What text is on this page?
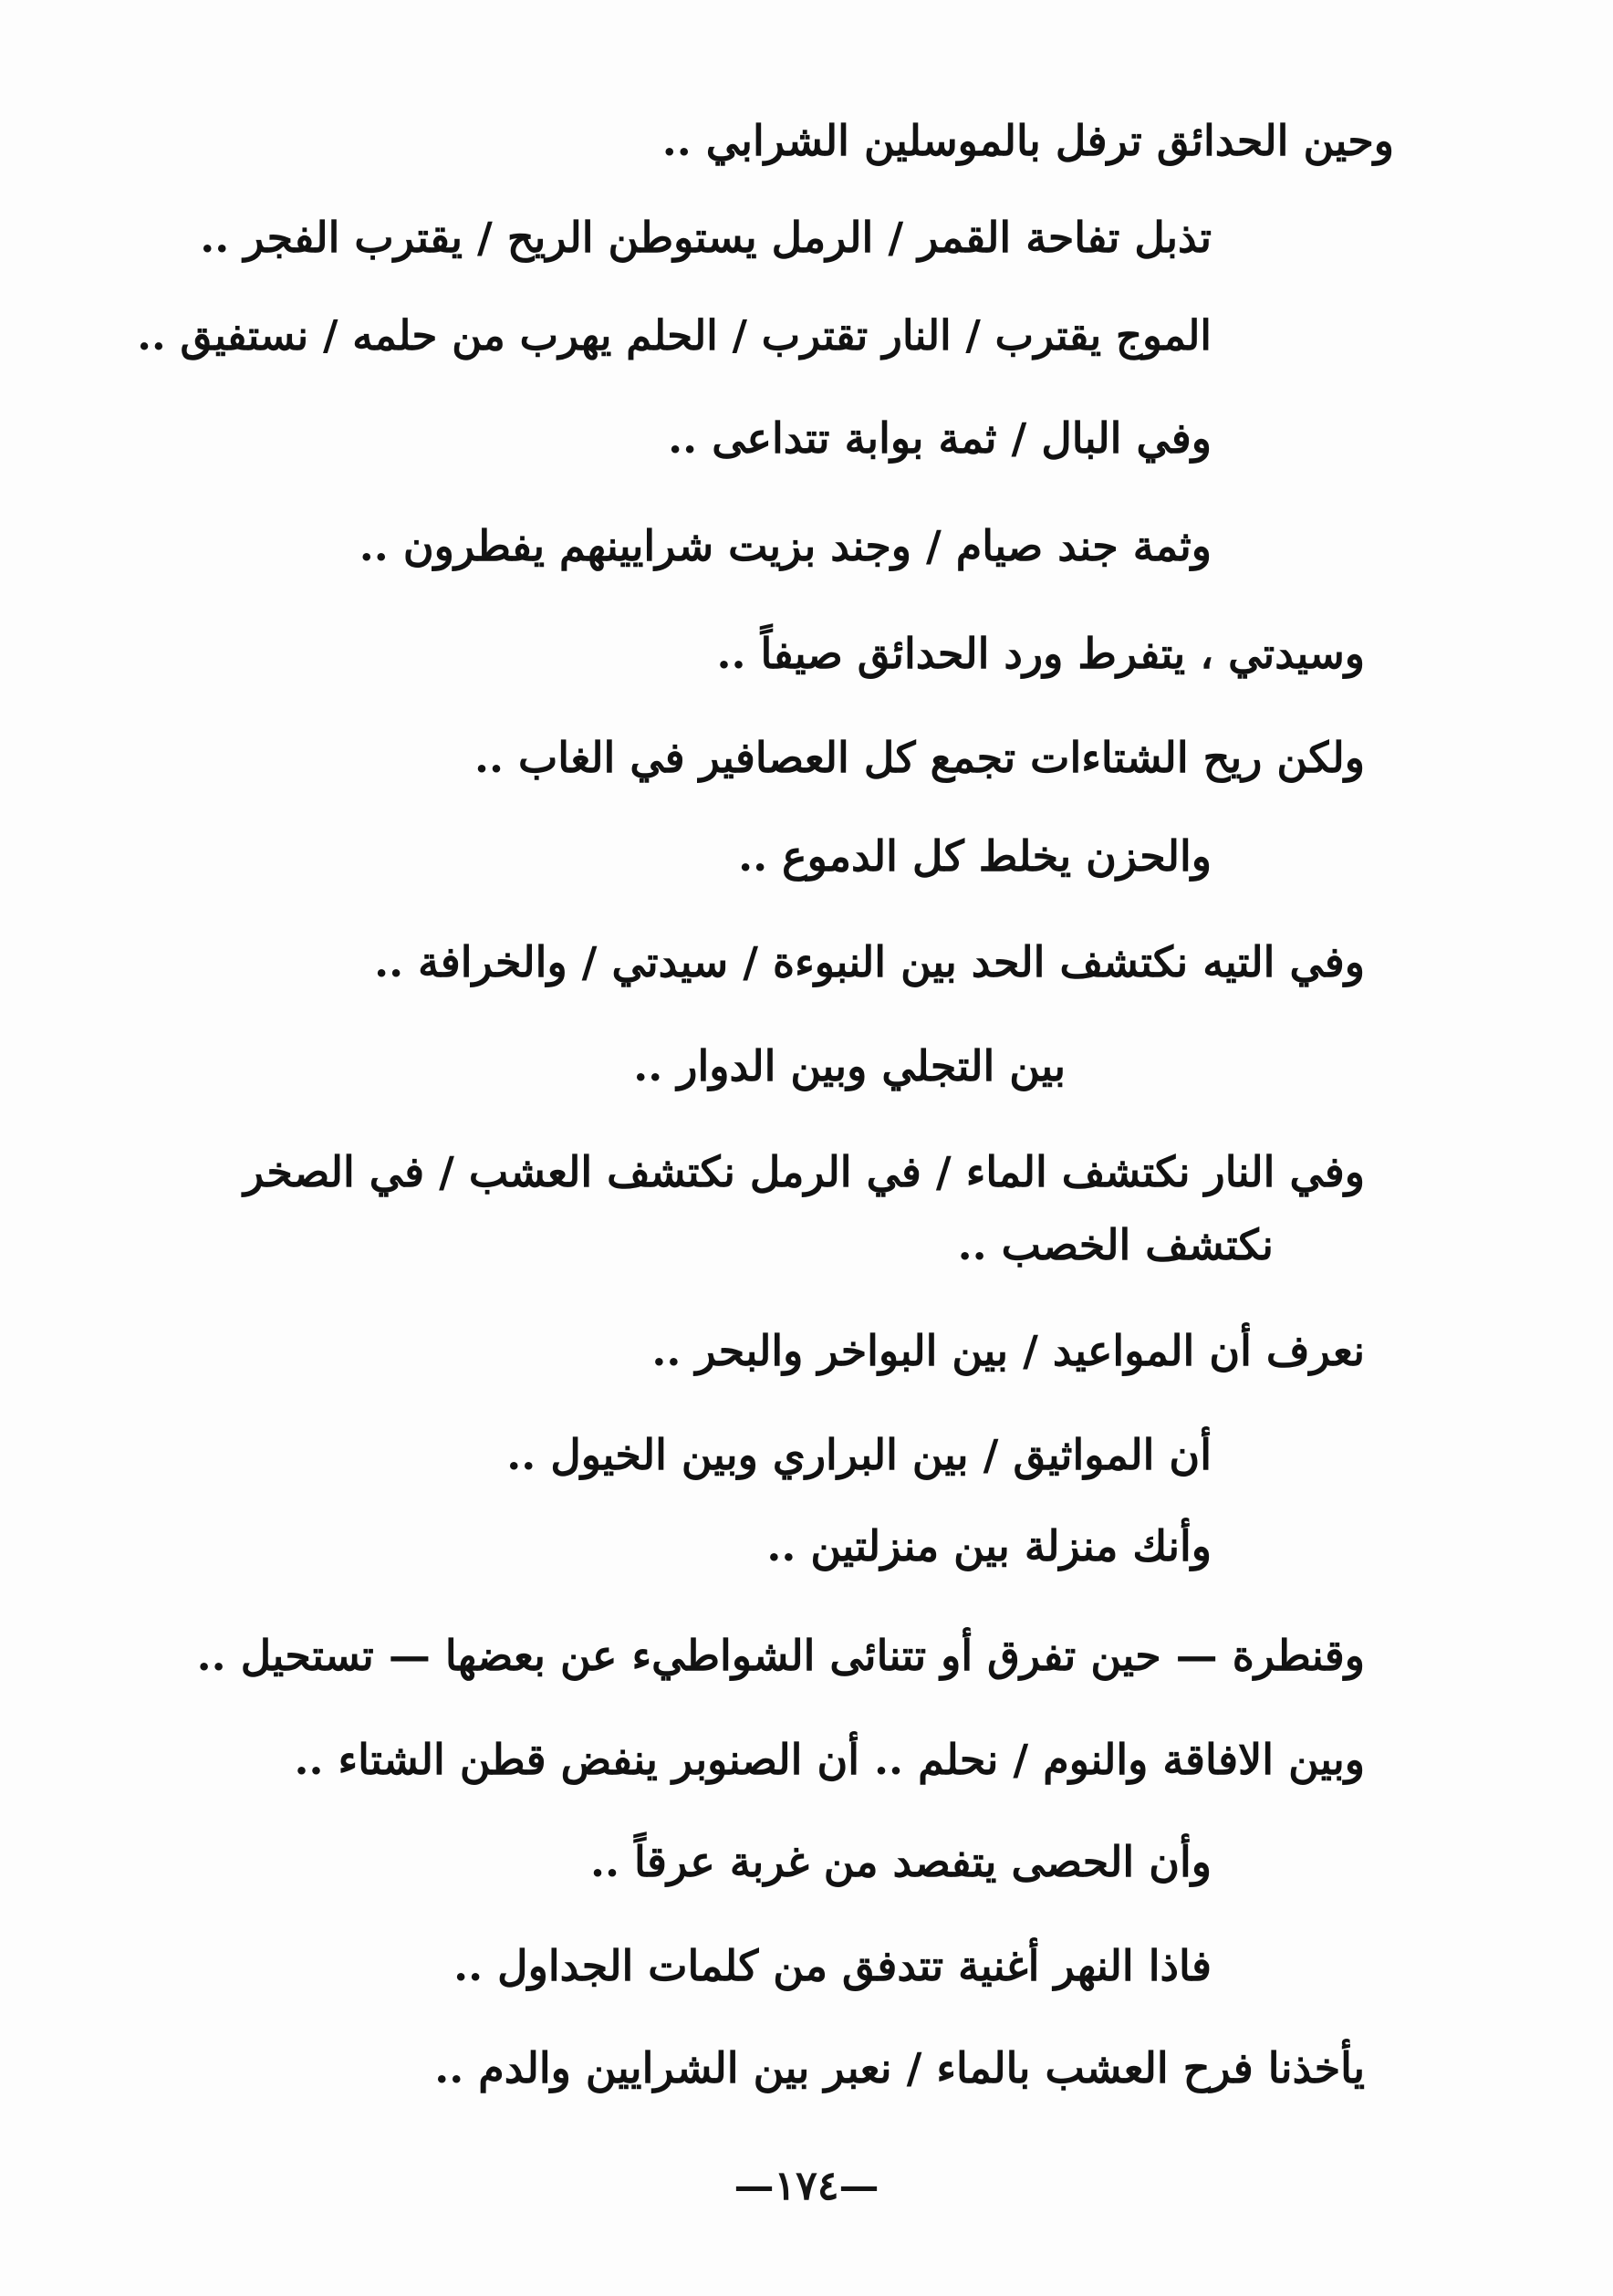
وحين الحدائق ترفل بالموسلين الشرابي ..
تذبل تفاحة القمر / الرمل يستوطن الريح / يقترب الفجر ..
الموج يقترب / النار تقترب / الحلم يهرب من حلمه / نستفيق ..
وفي البال / ثمة بوابة تتداعى ..
وثمة جند صيام / وجند بزيت شرايينهم يفطرون ..
وسيدتي ، يتفرط ورد الحدائق صيفاً ..
ولكن ريح الشتاءات تجمع كل العصافير في الغاب ..
والحزن يخلط كل الدموع ..
وفي التيه نكتشف الحد بين النبوءة / سيدتي / والخرافة ..
بين التجلي وبين الدوار ..
وفي النار نكتشف الماء / في الرمل نكتشف العشب / في الصخر
نكتشف الخصب ..
نعرف أن المواعيد / بين البواخر والبحر ..
أن المواثيق / بين البراري وبين الخيول ..
وأنك منزلة بين منزلتين ..
وقنطرة — حين تفرق أو تتنائى الشواطيء عن بعضها — تستحيل ..
وبين الافاقة والنوم / نحلم .. أن الصنوبر ينفض قطن الشتاء ..
وأن الحصى يتفصد من غربة عرقاً ..
فاذا النهر أغنية تتدفق من كلمات الجداول ..
يأخذنا فرح العشب بالماء / نعبر بين الشرايين والدم ..
—١٧٤—
